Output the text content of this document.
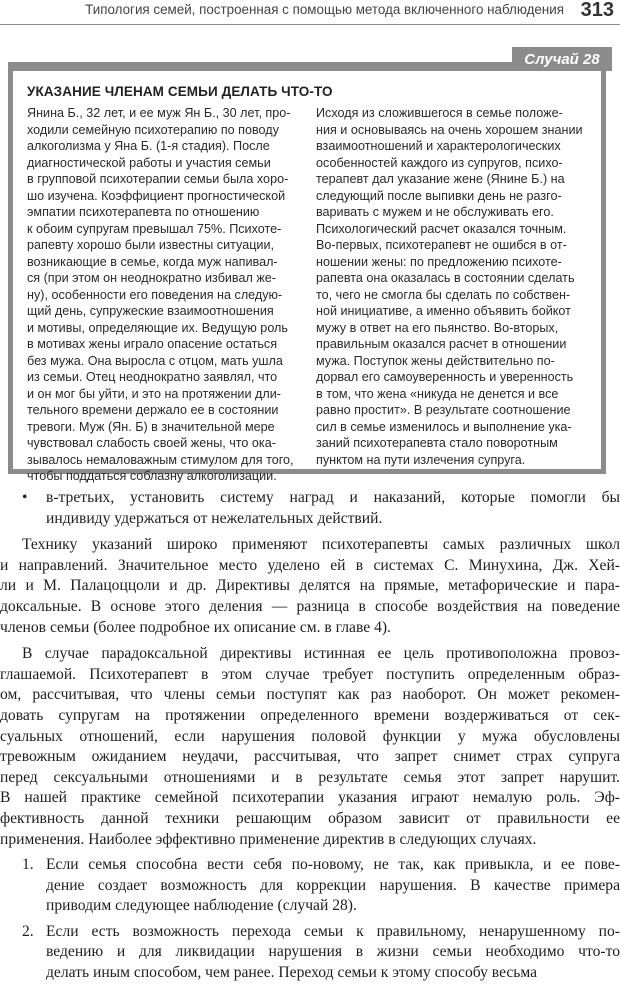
Типология семей, построенная с помощью метода включенного наблюдения 313
УКАЗАНИЕ ЧЛЕНАМ СЕМЬИ ДЕЛАТЬ ЧТО-ТО
Янина Б., 32 лет, и ее муж Ян Б., 30 лет, про-
ходили семейную психотерапию по поводу
алкоголизма у Яна Б. (1-я стадия). После
диагностической работы и участия семьи
в групповой психотерапии семьи была хоро-
шо изучена. Коэффициент прогностической
эмпатии психотерапевта по отношению
к обоим супругам превышал 75%. Психоте-
рапевту хорошо были известны ситуации,
возникающие в семье, когда муж напивал-
ся (при этом он неоднократно избивал же-
ну), особенности его поведения на следую-
щий день, супружеские взаимоотношения
и мотивы, определяющие их. Ведущую роль
в мотивах жены играло опасение остаться
без мужа. Она выросла с отцом, мать ушла
из семьи. Отец неоднократно заявлял, что
и он мог бы уйти, и это на протяжении дли-
тельного времени держало ее в состоянии
тревоги. Муж (Ян. Б) в значительной мере
чувствовал слабость своей жены, что ока-
зывалось немаловажным стимулом для того,
чтобы поддаться соблазну алкоголизации.
Исходя из сложившегося в семье положе-
ния и основываясь на очень хорошем знании
взаимоотношений и характерологических
особенностей каждого из супругов, психо-
терапевт дал указание жене (Янине Б.) на
следующий после выпивки день не разго-
варивать с мужем и не обслуживать его.
Психологический расчет оказался точным.
Во-первых, психотерапевт не ошибся в от-
ношении жены: по предложению психоте-
рапевта она оказалась в состоянии сделать
то, чего не смогла бы сделать по собствен-
ной инициативе, а именно объявить бойкот
мужу в ответ на его пьянство. Во-вторых,
правильным оказался расчет в отношении
мужа. Поступок жены действительно по-
дорвал его самоуверенность и уверенность
в том, что жена «никуда не денется и все
равно простит». В результате соотношение
сил в семье изменилось и выполнение ука-
заний психотерапевта стало поворотным
пунктом на пути излечения супруга.
Случай 28
• в-третьих, установить систему наград и наказаний, которые помогли бы
индивиду удержаться от нежелательных действий.
Технику указаний широко применяют психотерапевты самых различных школ
и направлений. Значительное место уделено ей в системах С. Минухина, Дж. Хей-
ли и М. Палацоццоли и др. Директивы делятся на прямые, метафорические и пара-
доксальные. В основе этого деления — разница в способе воздействия на поведение
членов семьи (более подробное их описание см. в главе 4).
В случае парадоксальной директивы истинная ее цель противоположна провоз-
глашаемой. Психотерапевт в этом случае требует поступить определенным образ-
ом, рассчитывая, что члены семьи поступят как раз наоборот. Он может рекомен-
довать супругам на протяжении определенного времени воздерживаться от сек-
суальных отношений, если нарушения половой функции у мужа обусловлены
тревожным ожиданием неудачи, рассчитывая, что запрет снимет страх супруга
перед сексуальными отношениями и в результате семья этот запрет нарушит.
В нашей практике семейной психотерапии указания играют немалую роль. Эф-
фективность данной техники решающим образом зависит от правильности ее
применения. Наиболее эффективно применение директив в следующих случаях.
1. Если семья способна вести себя по-новому, не так, как привыкла, и ее пове-
дение создает возможность для коррекции нарушения. В качестве примера
приводим следующее наблюдение (случай 28).
2. Если есть возможность перехода семьи к правильному, ненарушенному по-
ведению и для ликвидации нарушения в жизни семьи необходимо что-то
делать иным способом, чем ранее. Переход семьи к этому способу весьма
